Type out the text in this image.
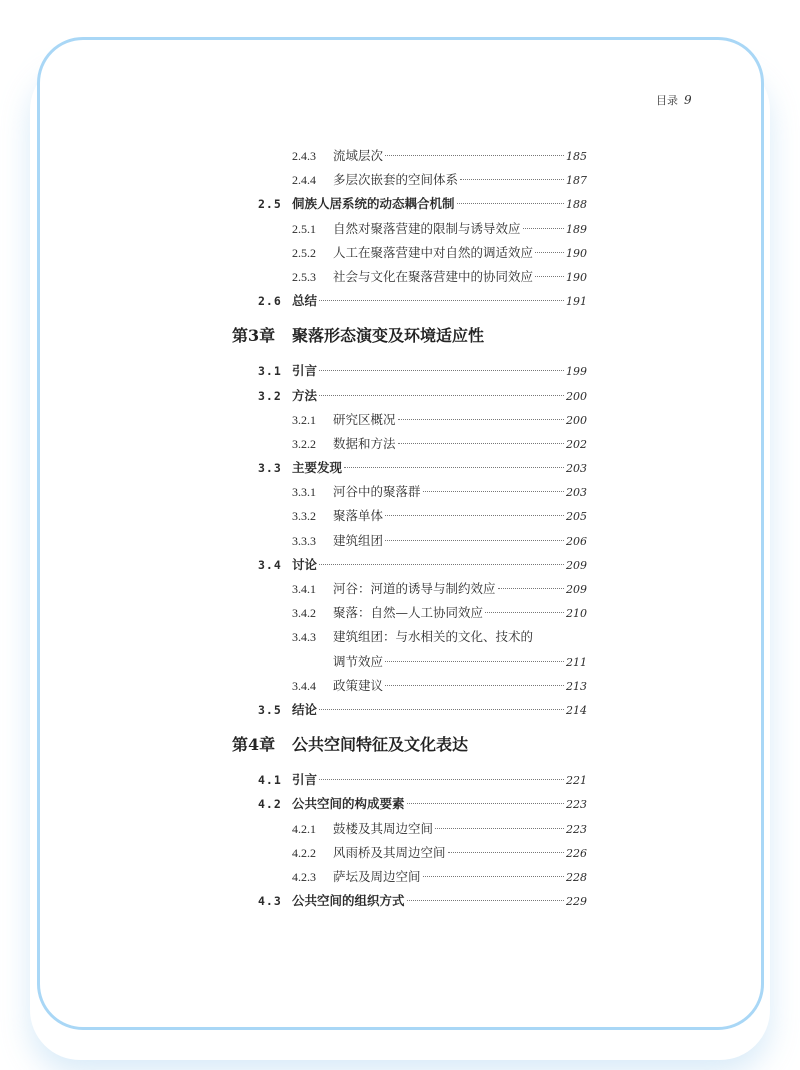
目录 9
2.4.3 流域层次	185
2.4.4 多层次嵌套的空间体系	187
2.5 侗族人居系统的动态耦合机制	188
2.5.1 自然对聚落营建的限制与诱导效应	189
2.5.2 人工在聚落营建中对自然的调适效应	190
2.5.3 社会与文化在聚落营建中的协同效应	190
2.6 总结	191
第3章 聚落形态演变及环境适应性
3.1 引言	199
3.2 方法	200
3.2.1 研究区概况	200
3.2.2 数据和方法	202
3.3 主要发现	203
3.3.1 河谷中的聚落群	203
3.3.2 聚落单体	205
3.3.3 建筑组团	206
3.4 讨论	209
3.4.1 河谷：河道的诱导与制约效应	209
3.4.2 聚落：自然—人工协同效应	210
3.4.3 建筑组团：与水相关的文化、技术的
调节效应	211
3.4.4 政策建议	213
3.5 结论	214
第4章 公共空间特征及文化表达
4.1 引言	221
4.2 公共空间的构成要素	223
4.2.1 鼓楼及其周边空间	223
4.2.2 风雨桥及其周边空间	226
4.2.3 萨坛及周边空间	228
4.3 公共空间的组织方式	229
